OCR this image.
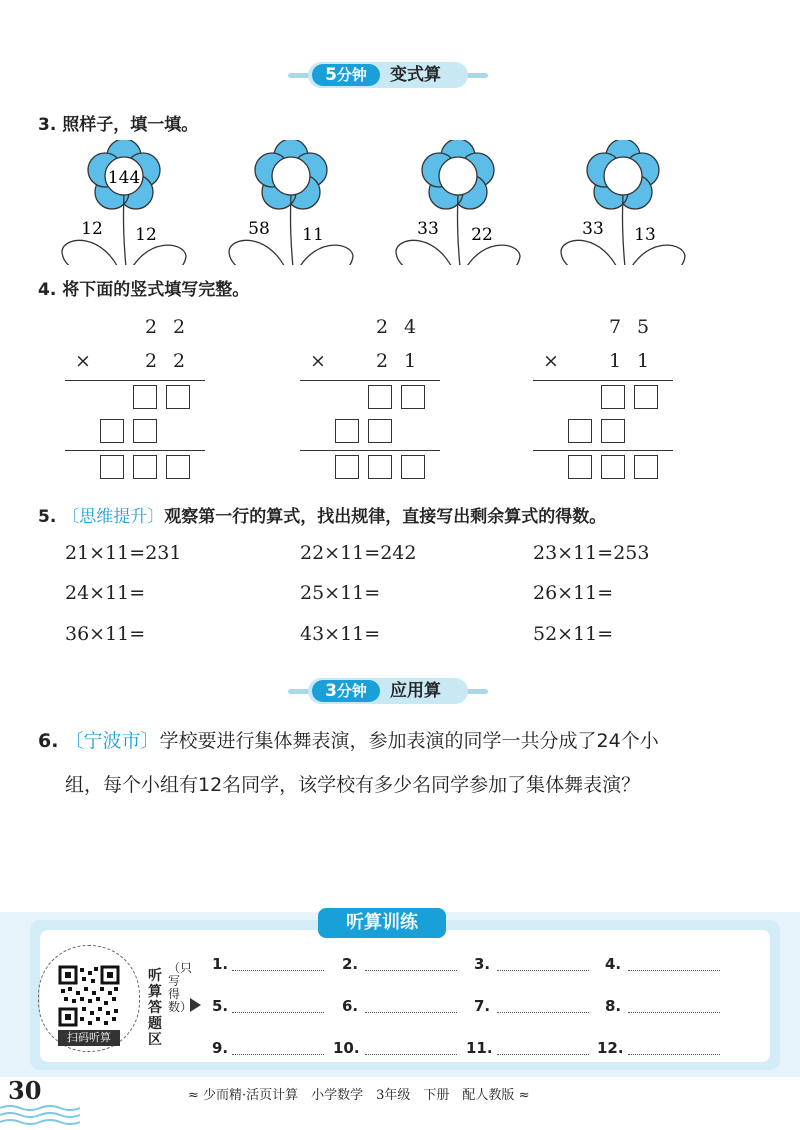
5分钟	变式算
3. 照样子，填一填。
144
12 12	58 11	33 22	33 13
4. 将下面的竖式填写完整。
2 2
×	2 2
2 4
×	2 1
7 5
×	1 1
5. 〔思维提升〕观察第一行的算式，找出规律，直接写出剩余算式的得数。
21×11=231	22×11=242	23×11=253
24×11=	25×11=	26×11=
36×11=	43×11=	52×11=
3分钟	应用算
6. 〔宁波市〕学校要进行集体舞表演，参加表演的同学一共分成了24个小
组，每个小组有12名同学，该学校有多少名同学参加了集体舞表演？
听算训练
扫码听算
听算答题区
（只写得数）
1.	2.	3.	4.
5.	6.	7.	8.
9.	10.	11.	12.
30	≈ 少而精·活页计算　小学数学　3年级　下册　配人教版 ≈
